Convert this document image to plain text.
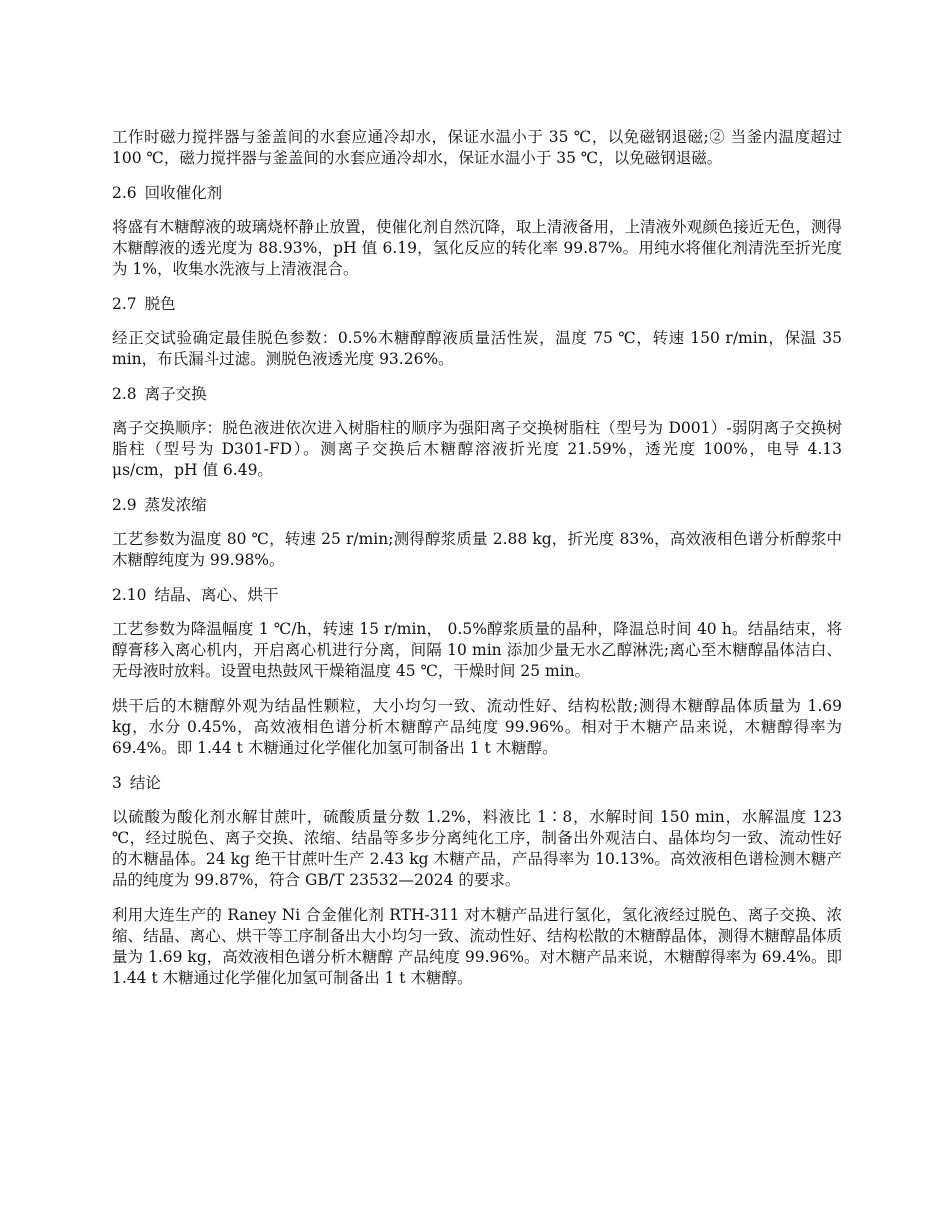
工作时磁力搅拌器与釜盖间的水套应通冷却水，保证水温小于 35 ℃，以免磁钢退磁;② 当釜内温度超过 100 ℃，磁力搅拌器与釜盖间的水套应通冷却水，保证水温小于 35 ℃，以免磁钢退磁。

2.6 回收催化剂

将盛有木糖醇液的玻璃烧杯静止放置，使催化剂自然沉降，取上清液备用，上清液外观颜色接近无色，测得木糖醇液的透光度为 88.93%，pH 值 6.19，氢化反应的转化率 99.87%。用纯水将催化剂清洗至折光度为 1%，收集水洗液与上清液混合。

2.7 脱色

经正交试验确定最佳脱色参数：0.5%木糖醇醇液质量活性炭，温度 75 ℃，转速 150 r/min，保温 35 min，布氏漏斗过滤。测脱色液透光度 93.26%。

2.8 离子交换

离子交换顺序：脱色液进依次进入树脂柱的顺序为强阳离子交换树脂柱（型号为 D001）-弱阴离子交换树脂柱（型号为 D301-FD）。测离子交换后木糖醇溶液折光度 21.59%，透光度 100%，电导 4.13 μs/cm，pH 值 6.49。

2.9 蒸发浓缩

工艺参数为温度 80 ℃，转速 25 r/min;测得醇浆质量 2.88 kg，折光度 83%，高效液相色谱分析醇浆中木糖醇纯度为 99.98%。

2.10 结晶、离心、烘干

工艺参数为降温幅度 1 ℃/h，转速 15 r/min， 0.5%醇浆质量的晶种，降温总时间 40 h。结晶结束，将醇膏移入离心机内，开启离心机进行分离，间隔 10 min 添加少量无水乙醇淋洗;离心至木糖醇晶体洁白、无母液时放料。设置电热鼓风干燥箱温度 45 ℃，干燥时间 25 min。

烘干后的木糖醇外观为结晶性颗粒，大小均匀一致、流动性好、结构松散;测得木糖醇晶体质量为 1.69 kg，水分 0.45%，高效液相色谱分析木糖醇产品纯度 99.96%。相对于木糖产品来说，木糖醇得率为 69.4%。即 1.44 t 木糖通过化学催化加氢可制备出 1 t 木糖醇。

3 结论

以硫酸为酸化剂水解甘蔗叶，硫酸质量分数 1.2%，料液比 1∶8，水解时间 150 min，水解温度 123 ℃，经过脱色、离子交换、浓缩、结晶等多步分离纯化工序，制备出外观洁白、晶体均匀一致、流动性好的木糖晶体。24 kg 绝干甘蔗叶生产 2.43 kg 木糖产品，产品得率为 10.13%。高效液相色谱检测木糖产品的纯度为 99.87%，符合 GB/T 23532—2024 的要求。

利用大连生产的 Raney Ni 合金催化剂 RTH-311 对木糖产品进行氢化，氢化液经过脱色、离子交换、浓缩、结晶、离心、烘干等工序制备出大小均匀一致、流动性好、结构松散的木糖醇晶体，测得木糖醇晶体质量为 1.69 kg，高效液相色谱分析木糖醇 产品纯度 99.96%。对木糖产品来说，木糖醇得率为 69.4%。即 1.44 t 木糖通过化学催化加氢可制备出 1 t 木糖醇。
